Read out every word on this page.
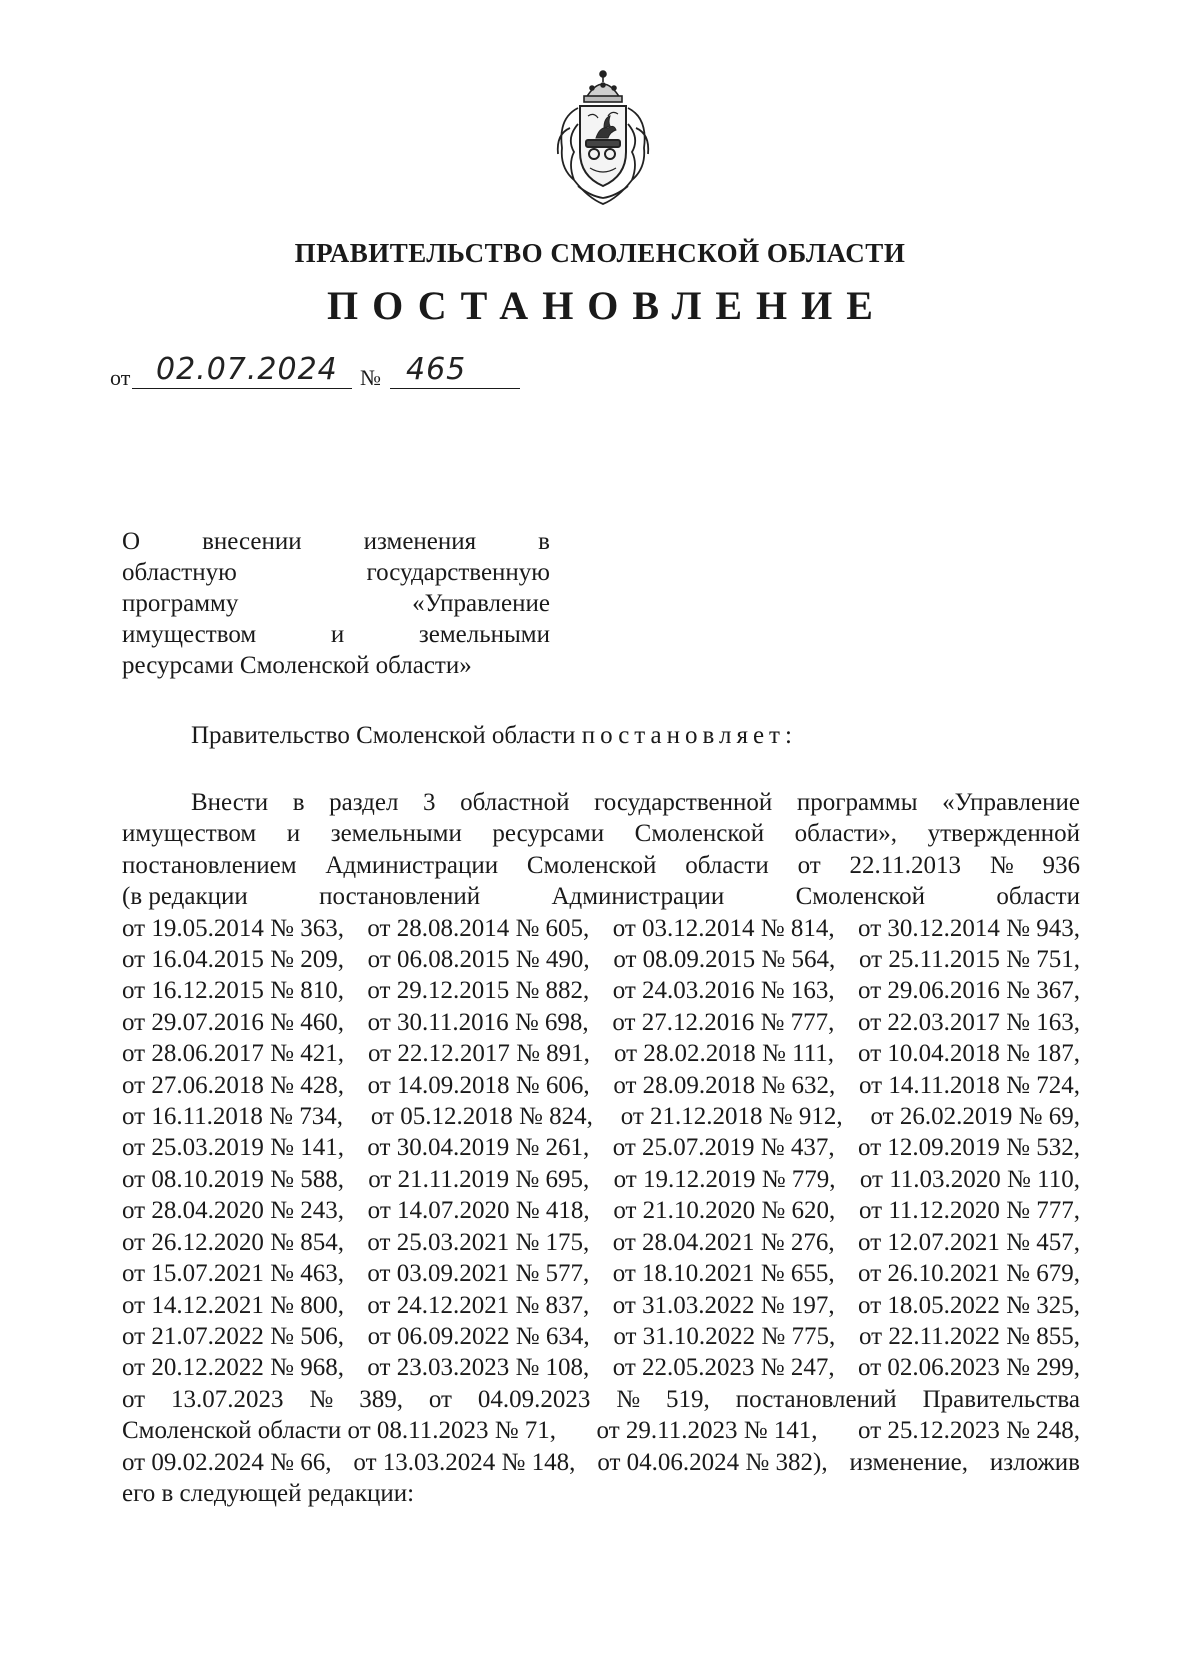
ПРАВИТЕЛЬСТВО СМОЛЕНСКОЙ ОБЛАСТИ
ПОСТАНОВЛЕНИЕ
от 02.07.2024 № 465
О внесении изменения в
областную	государственную
программу	«Управление
имуществом	и	земельными
ресурсами Смоленской области»
Правительство Смоленской области постановляет:
Внести в раздел 3 областной государственной программы «Управление
имуществом и земельными ресурсами Смоленской области», утвержденной
постановлением Администрации Смоленской области от 22.11.2013 № 936
(в редакции	постановлений	Администрации	Смоленской	области
от 19.05.2014 № 363, от 28.08.2014 № 605, от 03.12.2014 № 814, от 30.12.2014 № 943,
от 16.04.2015 № 209, от 06.08.2015 № 490, от 08.09.2015 № 564, от 25.11.2015 № 751,
от 16.12.2015 № 810, от 29.12.2015 № 882, от 24.03.2016 № 163, от 29.06.2016 № 367,
от 29.07.2016 № 460, от 30.11.2016 № 698, от 27.12.2016 № 777, от 22.03.2017 № 163,
от 28.06.2017 № 421, от 22.12.2017 № 891, от 28.02.2018 № 111, от 10.04.2018 № 187,
от 27.06.2018 № 428, от 14.09.2018 № 606, от 28.09.2018 № 632, от 14.11.2018 № 724,
от 16.11.2018 № 734, от 05.12.2018 № 824, от 21.12.2018 № 912, от 26.02.2019 № 69,
от 25.03.2019 № 141, от 30.04.2019 № 261, от 25.07.2019 № 437, от 12.09.2019 № 532,
от 08.10.2019 № 588, от 21.11.2019 № 695, от 19.12.2019 № 779, от 11.03.2020 № 110,
от 28.04.2020 № 243, от 14.07.2020 № 418, от 21.10.2020 № 620, от 11.12.2020 № 777,
от 26.12.2020 № 854, от 25.03.2021 № 175, от 28.04.2021 № 276, от 12.07.2021 № 457,
от 15.07.2021 № 463, от 03.09.2021 № 577, от 18.10.2021 № 655, от 26.10.2021 № 679,
от 14.12.2021 № 800, от 24.12.2021 № 837, от 31.03.2022 № 197, от 18.05.2022 № 325,
от 21.07.2022 № 506, от 06.09.2022 № 634, от 31.10.2022 № 775, от 22.11.2022 № 855,
от 20.12.2022 № 968, от 23.03.2023 № 108, от 22.05.2023 № 247, от 02.06.2023 № 299,
от 13.07.2023 № 389, от 04.09.2023 № 519, постановлений Правительства
Смоленской области от 08.11.2023 № 71, от 29.11.2023 № 141, от 25.12.2023 № 248,
от 09.02.2024 № 66, от 13.03.2024 № 148, от 04.06.2024 № 382), изменение, изложив
его в следующей редакции:
